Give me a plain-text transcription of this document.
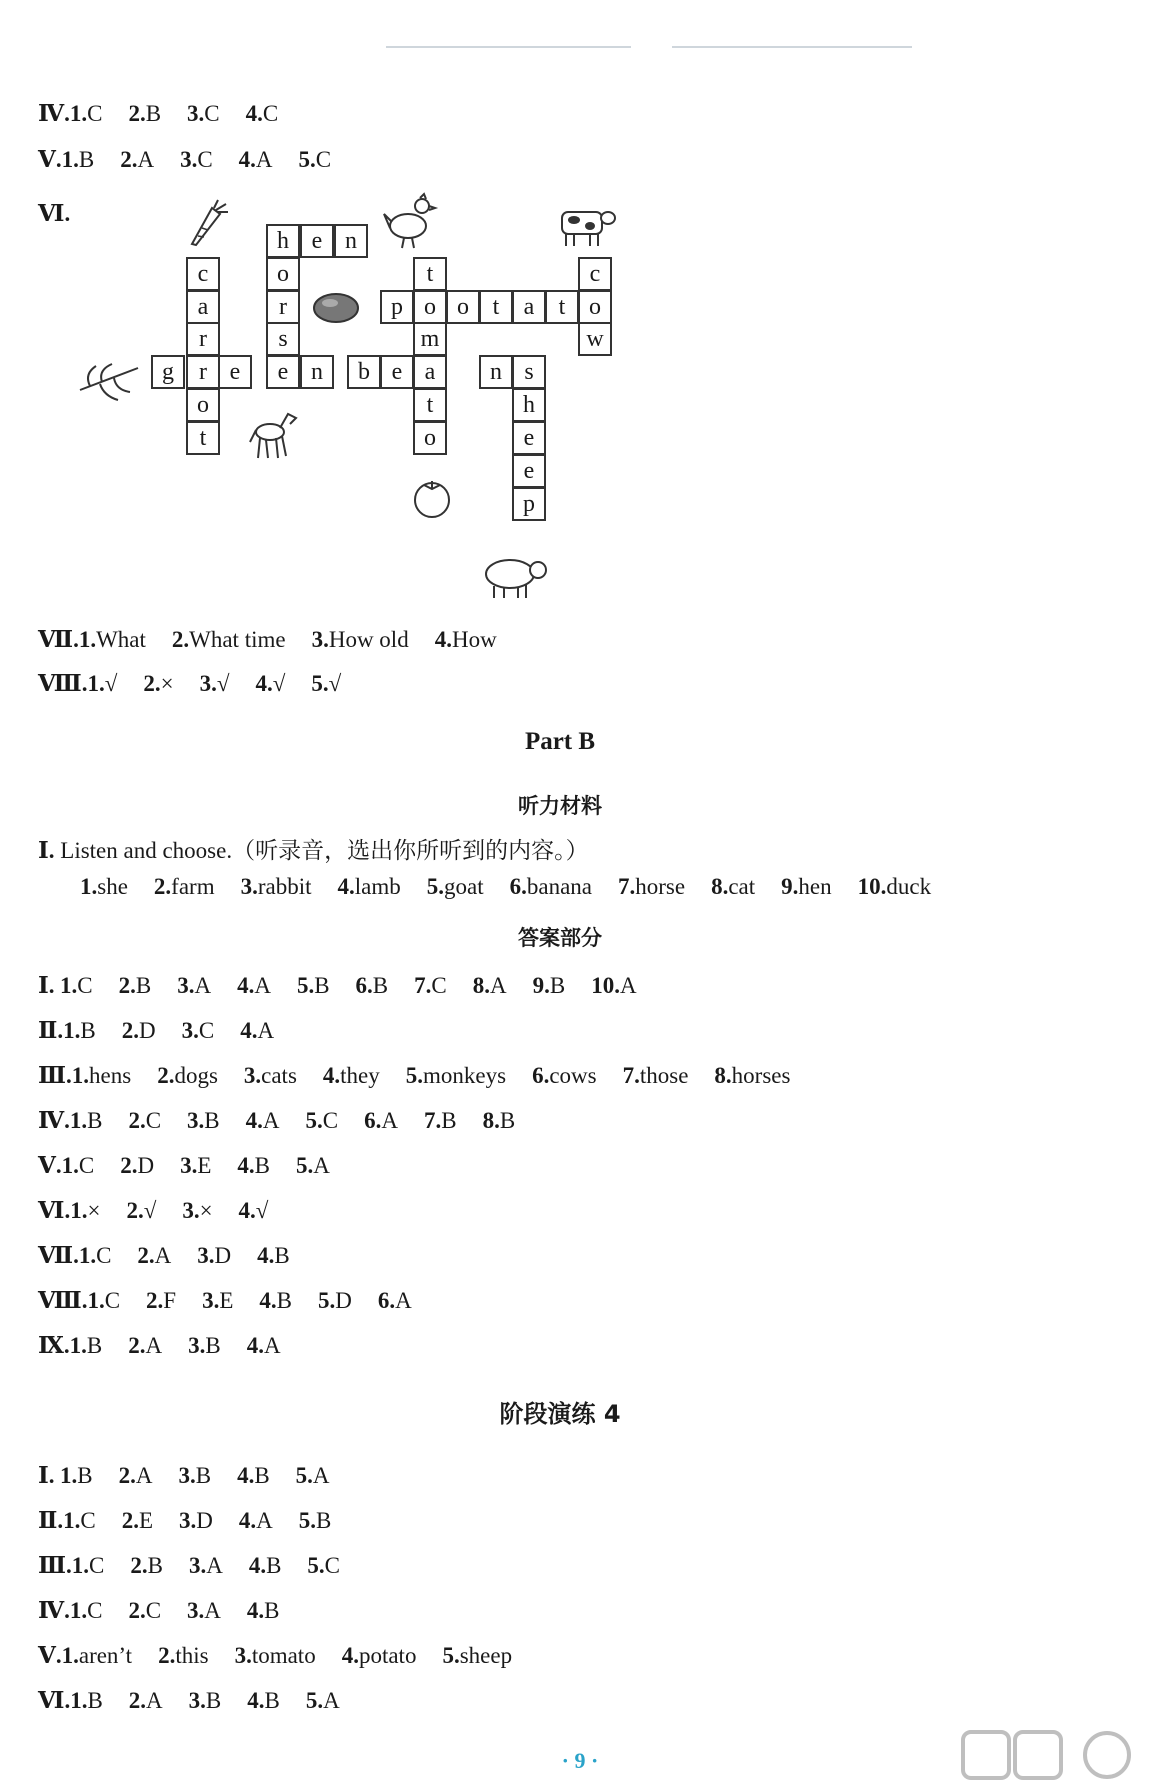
Ⅳ.1.C 2.B 3.C 4.C
Ⅴ.1.B 2.A 3.C 4.A 5.C
Ⅵ.
h e n
o
r
s
e
c
a
r
r
o
t
g	e	n
t
o
m
a
t
o
p	o t	a	t o
c
w
b e	n s
h
e
e
p
Ⅶ.1.What 2.What time 3.How old 4.How
Ⅷ.1.√ 2.× 3.√ 4.√ 5.√
Part B
听力材料
Ⅰ. Listen and choose.（听录音，选出你所听到的内容。）
1.she 2.farm 3.rabbit 4.lamb 5.goat 6.banana 7.horse 8.cat 9.hen 10.duck
答案部分
Ⅰ. 1.C 2.B 3.A 4.A 5.B 6.B 7.C 8.A 9.B 10.A
Ⅱ.1.B 2.D 3.C 4.A
Ⅲ.1.hens 2.dogs 3.cats 4.they 5.monkeys 6.cows 7.those 8.horses
Ⅳ.1.B 2.C 3.B 4.A 5.C 6.A 7.B 8.B
Ⅴ.1.C 2.D 3.E 4.B 5.A
Ⅵ.1.× 2.√ 3.× 4.√
Ⅶ.1.C 2.A 3.D 4.B
Ⅷ.1.C 2.F 3.E 4.B 5.D 6.A
Ⅸ.1.B 2.A 3.B 4.A
阶段演练 4
Ⅰ. 1.B 2.A 3.B 4.B 5.A
Ⅱ.1.C 2.E 3.D 4.A 5.B
Ⅲ.1.C 2.B 3.A 4.B 5.C
Ⅳ.1.C 2.C 3.A 4.B
Ⅴ.1.aren’t 2.this 3.tomato 4.potato 5.sheep
Ⅵ.1.B 2.A 3.B 4.B 5.A
· 9 ·
